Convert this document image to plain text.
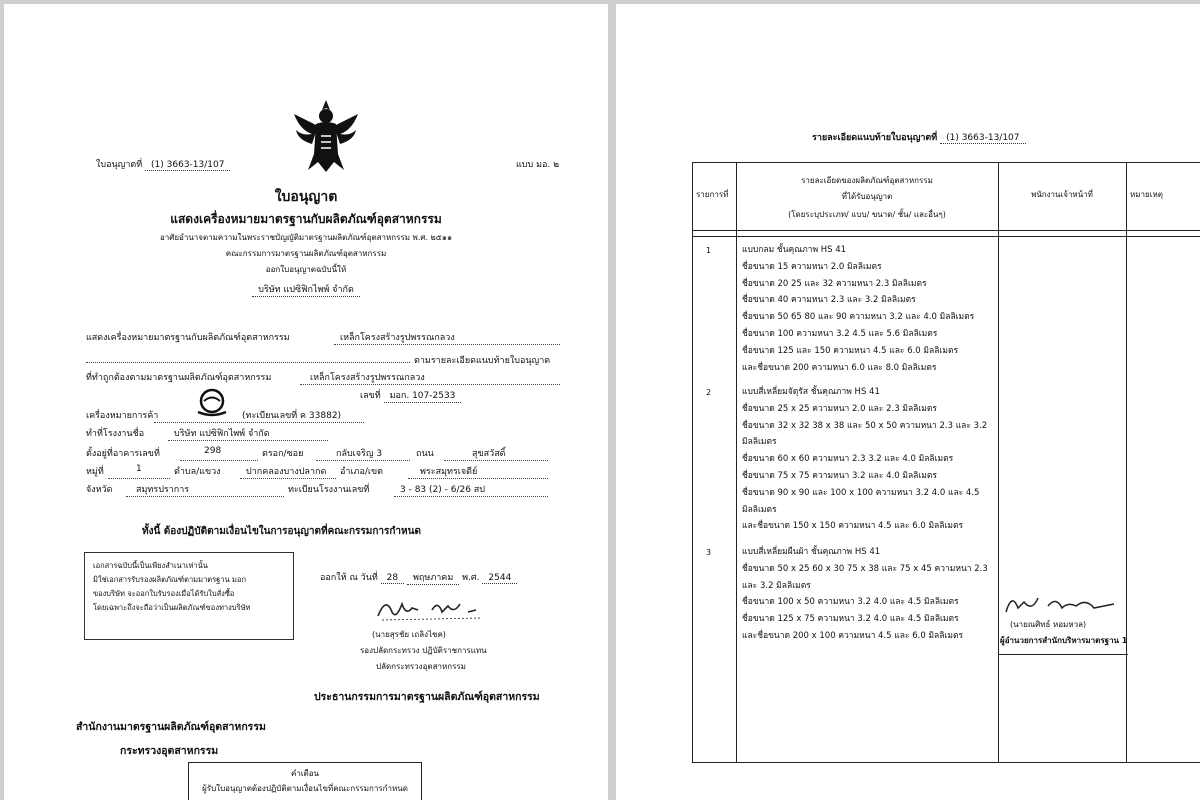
ใบอนุญาตที่ (1) 3663-13/107	แบบ มอ. ๒
ใบอนุญาต
แสดงเครื่องหมายมาตรฐานกับผลิตภัณฑ์อุตสาหกรรม
อาศัยอำนาจตามความในพระราชบัญญัติมาตรฐานผลิตภัณฑ์อุตสาหกรรม พ.ศ. ๒๕๑๑
คณะกรรมการมาตรฐานผลิตภัณฑ์อุตสาหกรรม
ออกใบอนุญาตฉบับนี้ให้
บริษัท แปซิฟิกไพพ์ จำกัด
แสดงเครื่องหมายมาตรฐานกับผลิตภัณฑ์อุตสาหกรรม	เหล็กโครงสร้างรูปพรรณกลวง
ตามรายละเอียดแนบท้ายใบอนุญาต
ที่ทำถูกต้องตามมาตรฐานผลิตภัณฑ์อุตสาหกรรม	เหล็กโครงสร้างรูปพรรณกลวง
เลขที่ มอก. 107-2533
เครื่องหมายการค้า	(ทะเบียนเลขที่ ค 33882)
ทำที่โรงงานชื่อ	บริษัท แปซิฟิกไพพ์ จำกัด
ตั้งอยู่ที่อาคารเลขที่	298	ตรอก/ซอย	กลับเจริญ 3	ถนน	สุขสวัสดิ์
หมู่ที่	1	ตำบล/แขวง	ปากคลองบางปลากด อำเภอ/เขต	พระสมุทรเจดีย์
จังหวัด	สมุทรปราการ	ทะเบียนโรงงานเลขที่	3 - 83 (2) - 6/26 สป
ทั้งนี้ ต้องปฏิบัติตามเงื่อนไขในการอนุญาตที่คณะกรรมการกำหนด
เอกสารฉบับนี้เป็นเพียงสำเนาเท่านั้น
มิใช่เอกสารรับรองผลิตภัณฑ์ตามมาตรฐาน มอก
ของบริษัท จะออกใบรับรองเมื่อได้รับใบสั่งซื้อ
โดยเฉพาะถึงจะถือว่าเป็นผลิตภัณฑ์ของทางบริษัท
ออกให้ ณ วันที่ 28 พฤษภาคม พ.ศ. 2544
(นายสุรชัย เถลิงไชค)
รองปลัดกระทรวง ปฏิบัติราชการแทน
ปลัดกระทรวงอุตสาหกรรม
ประธานกรรมการมาตรฐานผลิตภัณฑ์อุตสาหกรรม
สำนักงานมาตรฐานผลิตภัณฑ์อุตสาหกรรม
กระทรวงอุตสาหกรรม
คำเตือน
ผู้รับใบอนุญาตต้องปฏิบัติตามเงื่อนไขที่คณะกรรมการกำหนด
รายละเอียดแนบท้ายใบอนุญาตที่ (1) 3663-13/107
รายการที่
รายละเอียดของผลิตภัณฑ์อุตสาหกรรม
ที่ได้รับอนุญาต
(โดยระบุประเภท/ แบบ/ ขนาด/ ชั้น/ และอื่นๆ)
พนักงานเจ้าหน้าที่	หมายเหตุ
1	แบบกลม ชั้นคุณภาพ HS 41
ชื่อขนาด 15 ความหนา 2.0 มิลลิเมตร
ชื่อขนาด 20 25 และ 32 ความหนา 2.3 มิลลิเมตร
ชื่อขนาด 40 ความหนา 2.3 และ 3.2 มิลลิเมตร
ชื่อขนาด 50 65 80 และ 90 ความหนา 3.2 และ 4.0 มิลลิเมตร
ชื่อขนาด 100 ความหนา 3.2 4.5 และ 5.6 มิลลิเมตร
ชื่อขนาด 125 และ 150 ความหนา 4.5 และ 6.0 มิลลิเมตร
และชื่อขนาด 200 ความหนา 6.0 และ 8.0 มิลลิเมตร
2	แบบสี่เหลี่ยมจัตุรัส ชั้นคุณภาพ HS 41
ชื่อขนาด 25 x 25 ความหนา 2.0 และ 2.3 มิลลิเมตร
ชื่อขนาด 32 x 32 38 x 38 และ 50 x 50 ความหนา 2.3 และ 3.2
มิลลิเมตร
ชื่อขนาด 60 x 60 ความหนา 2.3 3.2 และ 4.0 มิลลิเมตร
ชื่อขนาด 75 x 75 ความหนา 3.2 และ 4.0 มิลลิเมตร
ชื่อขนาด 90 x 90 และ 100 x 100 ความหนา 3.2 4.0 และ 4.5
มิลลิเมตร
และชื่อขนาด 150 x 150 ความหนา 4.5 และ 6.0 มิลลิเมตร
3	แบบสี่เหลี่ยมผืนผ้า ชั้นคุณภาพ HS 41
ชื่อขนาด 50 x 25 60 x 30 75 x 38 และ 75 x 45 ความหนา 2.3
และ 3.2 มิลลิเมตร
ชื่อขนาด 100 x 50 ความหนา 3.2 4.0 และ 4.5 มิลลิเมตร
ชื่อขนาด 125 x 75 ความหนา 3.2 4.0 และ 4.5 มิลลิเมตร
และชื่อขนาด 200 x 100 ความหนา 4.5 และ 6.0 มิลลิเมตร
(นายณศิทธ์ หอมหวล)
ผู้อำนวยการสำนักบริหารมาตรฐาน 1
